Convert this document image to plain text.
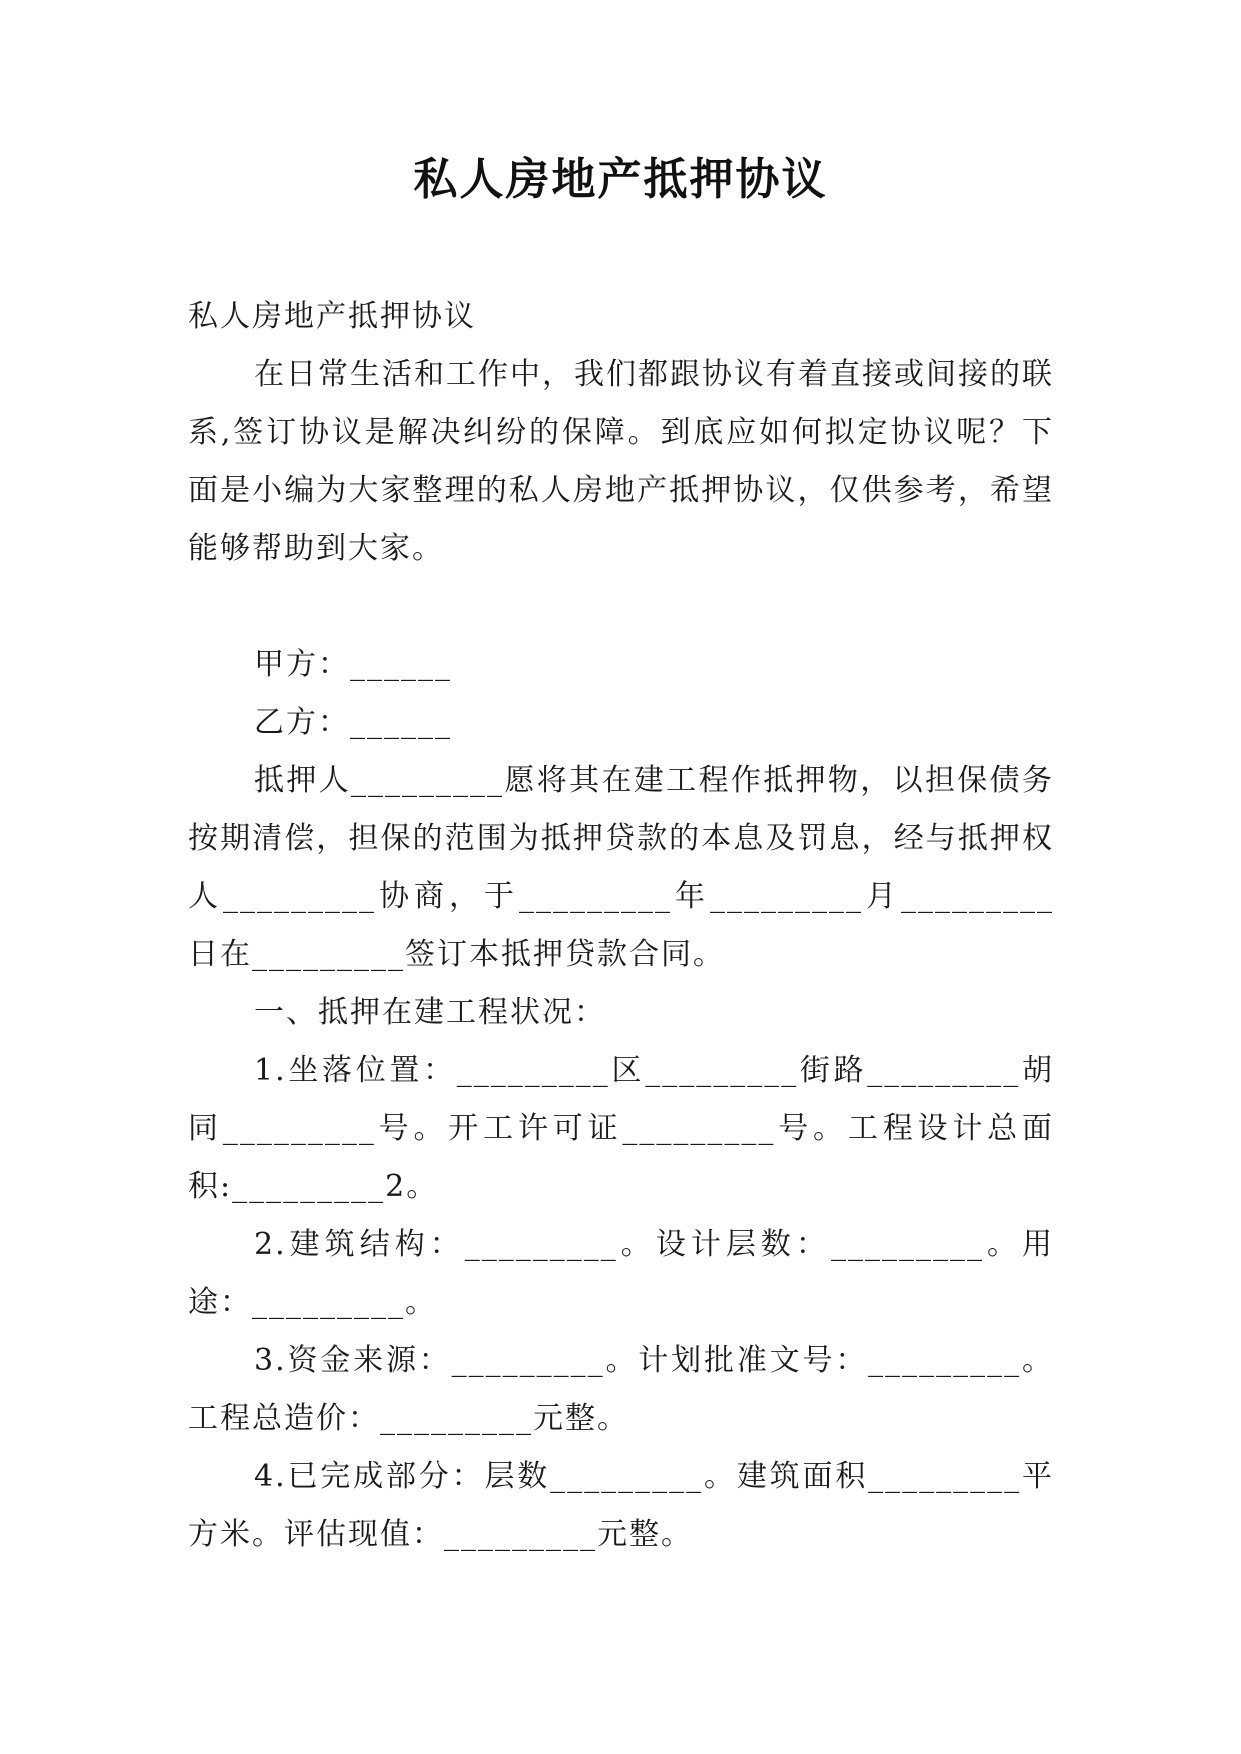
私人房地产抵押协议

私人房地产抵押协议

在日常生活和工作中，我们都跟协议有着直接或间接的联系,签订协议是解决纠纷的保障。到底应如何拟定协议呢？下面是小编为大家整理的私人房地产抵押协议，仅供参考，希望能够帮助到大家。

甲方：______

乙方：______

抵押人_________愿将其在建工程作抵押物，以担保债务按期清偿，担保的范围为抵押贷款的本息及罚息，经与抵押权人_________协商，于_________年_________月_________日在_________签订本抵押贷款合同。

一、抵押在建工程状况：

1.坐落位置：_________区_________街路_________胡同_________号。开工许可证_________号。工程设计总面积:_________2。

2.建筑结构：_________。设计层数：_________。用途：_________。

3.资金来源：_________。计划批准文号：_________。工程总造价：_________元整。

4.已完成部分：层数_________。建筑面积_________平方米。评估现值：_________元整。
